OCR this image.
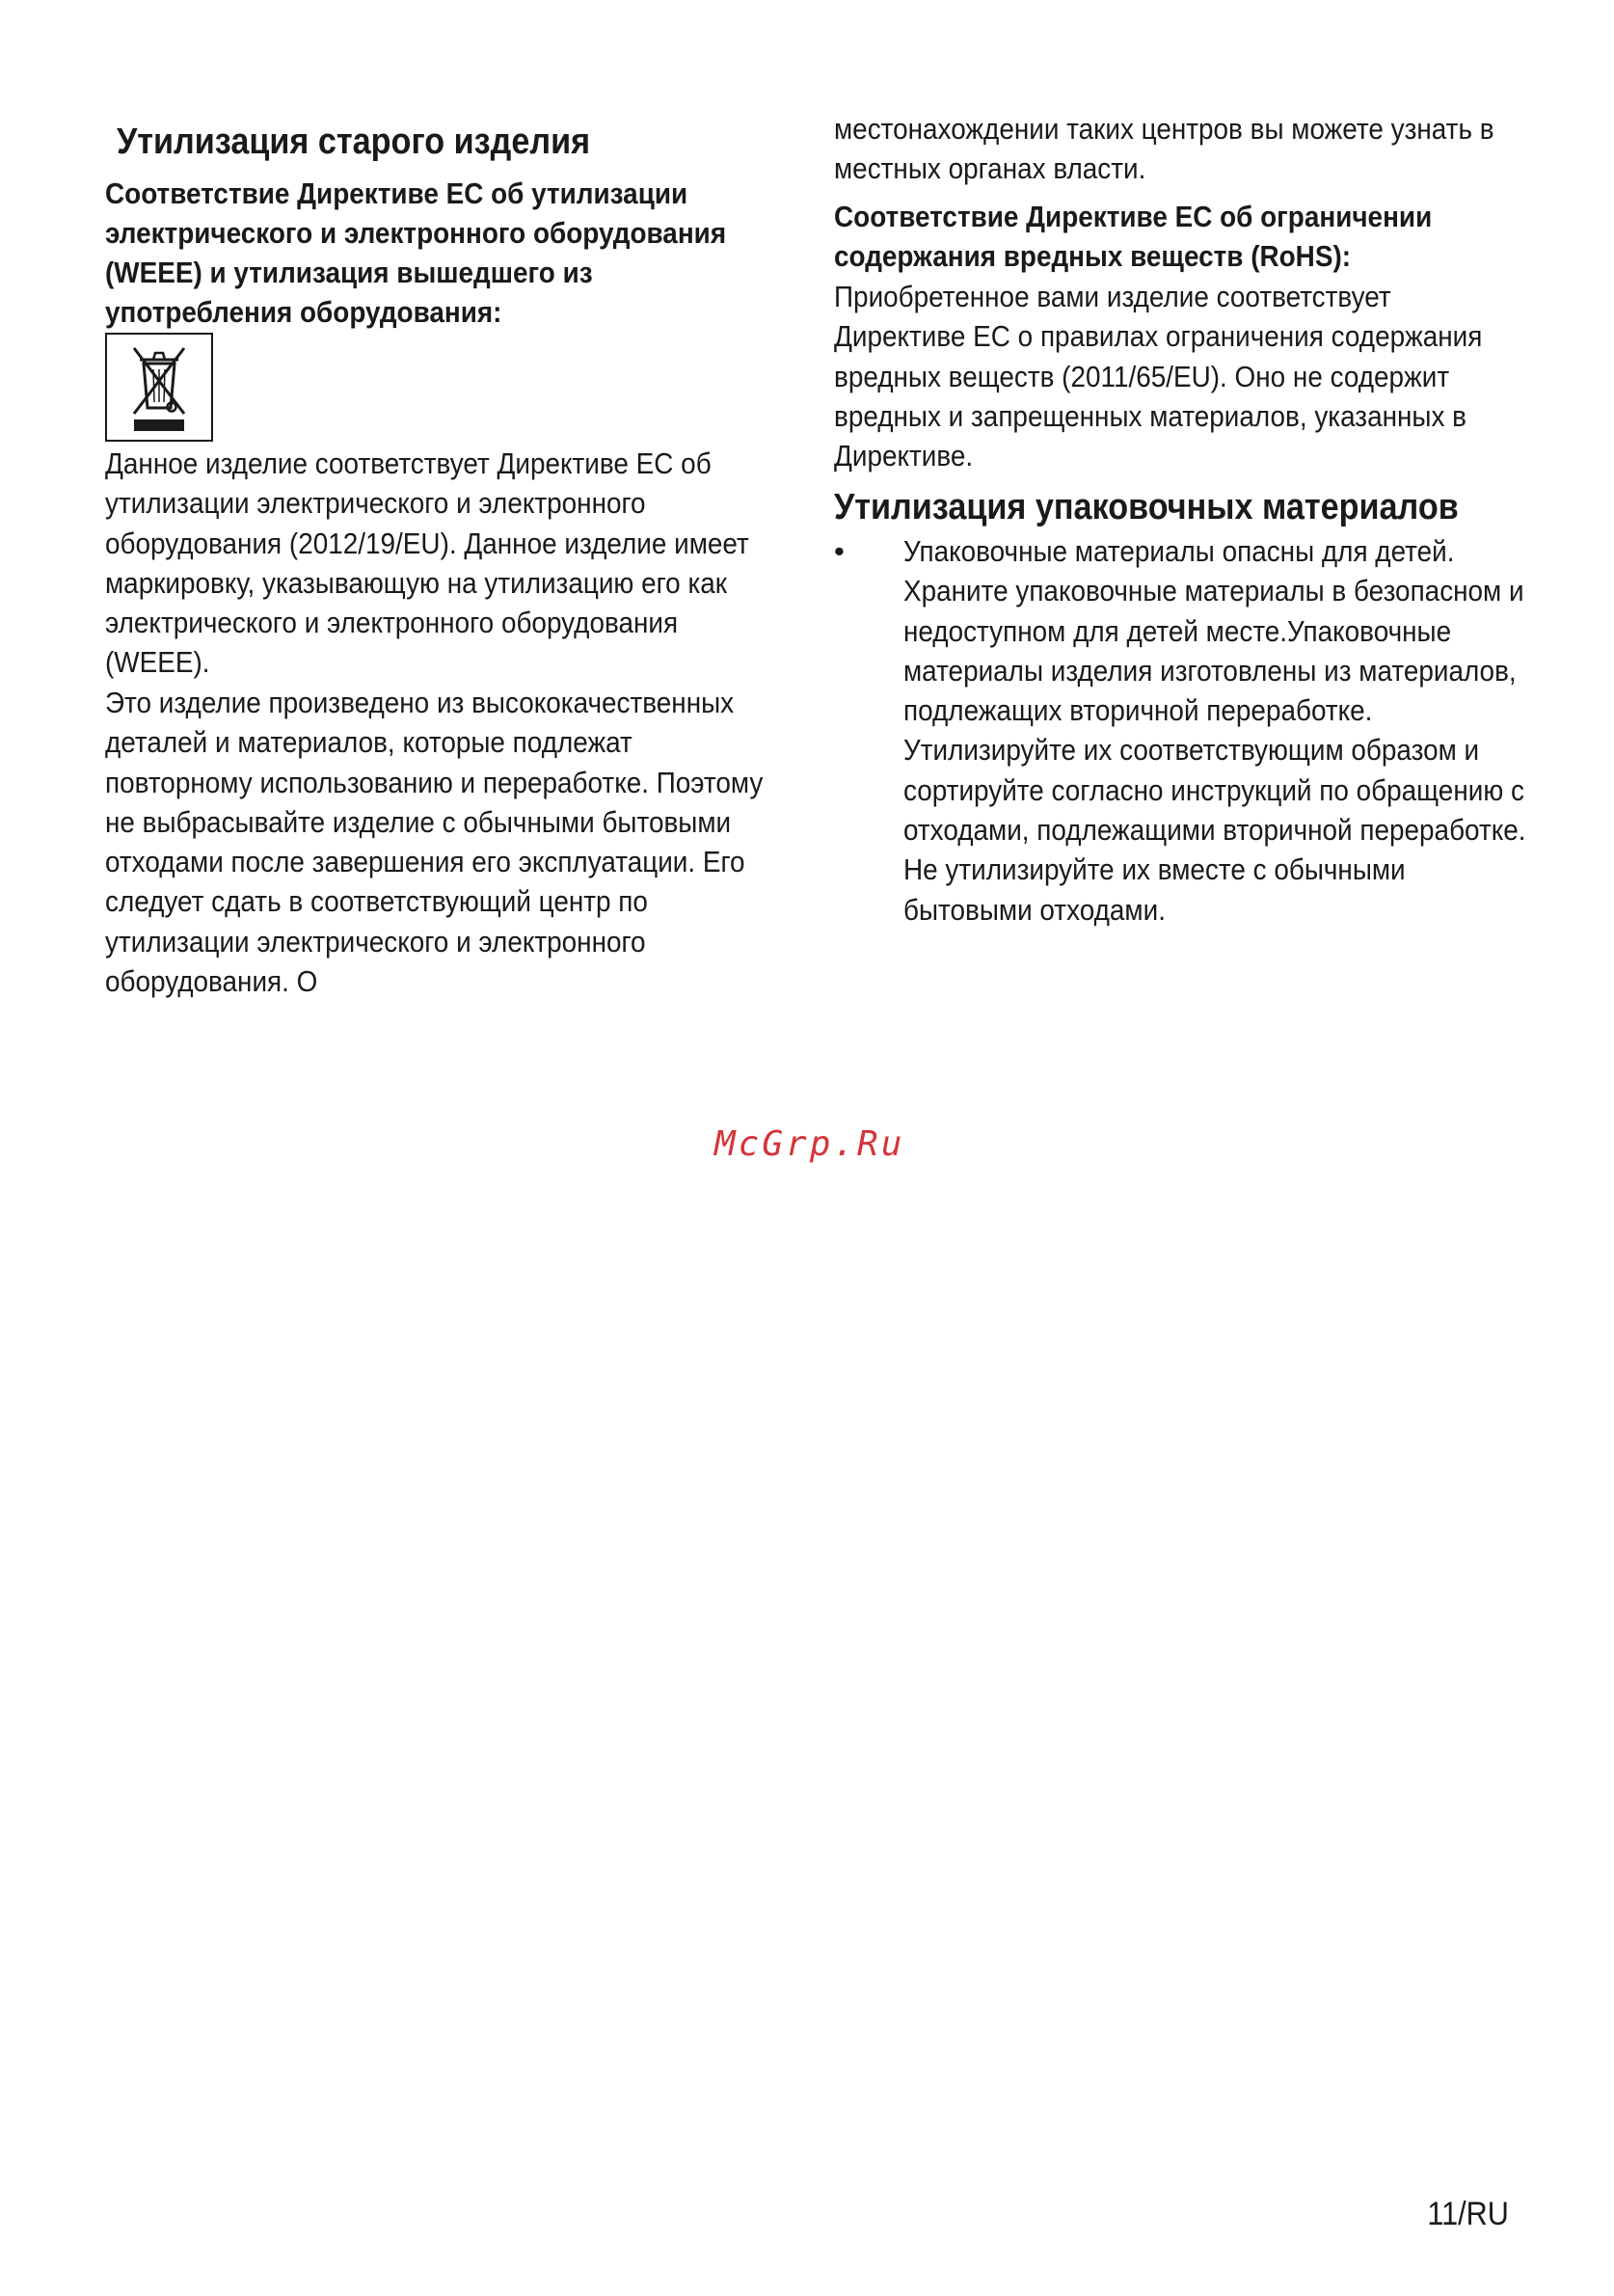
Утилизация старого изделия
Соответствие Директиве ЕС об утилизации электрического и электронного оборудования (WEEE) и утилизация вышедшего из употребления оборудования:
Данное изделие соответствует Директиве ЕС об утилизации электрического и электронного оборудования (2012/19/EU). Данное изделие имеет маркировку, указывающую на утилизацию его как электрического и электронного оборудования (WEEE).
Это изделие произведено из высококачественных деталей и материалов, которые подлежат повторному использованию и переработке. Поэтому не выбрасывайте изделие с обычными бытовыми отходами после завершения его эксплуатации. Его следует сдать в соответствующий центр по утилизации электрического и электронного оборудования. О
местонахождении таких центров вы можете узнать в местных органах власти.
Соответствие Директиве ЕС об ограничении содержания вредных веществ (RoHS):
Приобретенное вами изделие соответствует Директиве ЕС о правилах ограничения содержания вредных веществ (2011/65/EU). Оно не содержит вредных и запрещенных материалов, указанных в Директиве.
Утилизация упаковочных материалов
• Упаковочные материалы опасны для детей. Храните упаковочные материалы в безопасном и недоступном для детей месте.Упаковочные материалы изделия изготовлены из материалов, подлежащих вторичной переработке. Утилизируйте их соответствующим образом и сортируйте согласно инструкций по обращению с отходами, подлежащими вторичной переработке. Не утилизируйте их вместе с обычными бытовыми отходами.
McGrp.Ru
11/RU
